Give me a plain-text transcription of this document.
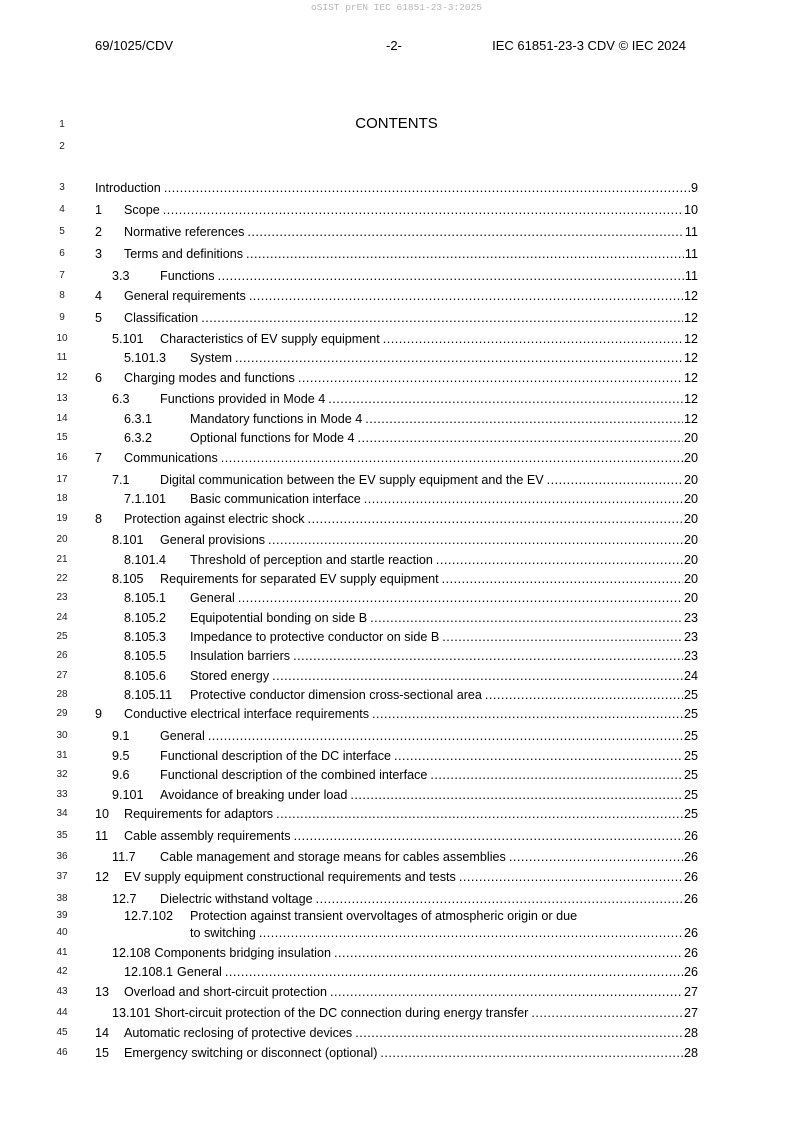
oSIST prEN IEC 61851-23-3:2025
69/1025/CDV	-2-	IEC 61851-23-3 CDV © IEC 2024
1	CONTENTS
2
3	Introduction .....	9
4	1	Scope .....	10
5	2	Normative references .....	11
6	3	Terms and definitions .....	11
7	3.3	Functions .....	11
8	4	General requirements .....	12
9	5	Classification .....	12
10	5.101	Characteristics of EV supply equipment .....	12
11	5.101.3	System .....	12
12	6	Charging modes and functions .....	12
13	6.3	Functions provided in Mode 4 .....	12
14	6.3.1	Mandatory functions in Mode 4 .....	12
15	6.3.2	Optional functions for Mode 4 .....	20
16	7	Communications .....	20
17	7.1	Digital communication between the EV supply equipment and the EV .....	20
18	7.1.101	Basic communication interface .....	20
19	8	Protection against electric shock .....	20
20	8.101	General provisions .....	20
21	8.101.4	Threshold of perception and startle reaction .....	20
22	8.105	Requirements for separated EV supply equipment .....	20
23	8.105.1	General .....	20
24	8.105.2	Equipotential bonding on side B .....	23
25	8.105.3	Impedance to protective conductor on side B .....	23
26	8.105.5	Insulation barriers .....	23
27	8.105.6	Stored energy .....	24
28	8.105.11	Protective conductor dimension cross-sectional area .....	25
29	9	Conductive electrical interface requirements .....	25
30	9.1	General .....	25
31	9.5	Functional description of the DC interface .....	25
32	9.6	Functional description of the combined interface .....	25
33	9.101	Avoidance of breaking under load .....	25
34	10	Requirements for adaptors .....	25
35	11	Cable assembly requirements .....	26
36	11.7	Cable management and storage means for cables assemblies .....	26
37	12	EV supply equipment constructional requirements and tests .....	26
38	12.7	Dielectric withstand voltage .....	26
39
40
12.7.102 Protection against transient overvoltages of atmospheric origin or due
to switching .....	26
41	12.108 Components bridging insulation .....	26
42	12.108.1 General .....	26
43	13	Overload and short-circuit protection .....	27
44	13.101 Short-circuit protection of the DC connection during energy transfer .....	27
45	14	Automatic reclosing of protective devices .....	28
46	15	Emergency switching or disconnect (optional) .....	28
